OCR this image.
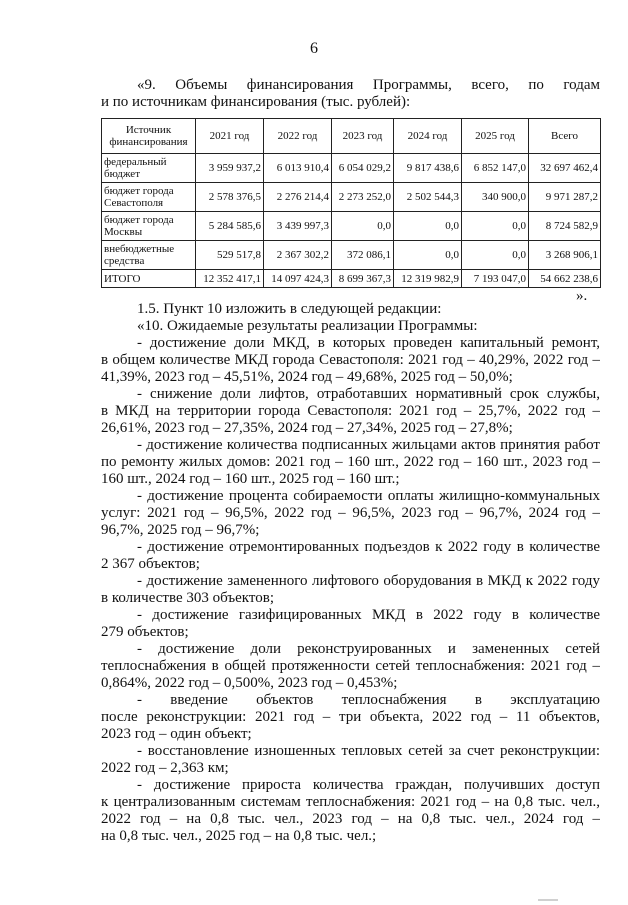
6
«9. Объемы финансирования Программы, всего, по годам
и по источникам финансирования (тыс. рублей):
Источник финансирования	2021 год	2022 год	2023 год	2024 год	2025 год	Всего
федеральный бюджет	3 959 937,2	6 013 910,4	6 054 029,2	9 817 438,6	6 852 147,0	32 697 462,4
бюджет города Севастополя	2 578 376,5	2 276 214,4	2 273 252,0	2 502 544,3	340 900,0	9 971 287,2
бюджет города Москвы	5 284 585,6	3 439 997,3	0,0	0,0	0,0	8 724 582,9
внебюджетные средства	529 517,8	2 367 302,2	372 086,1	0,0	0,0	3 268 906,1
ИТОГО	12 352 417,1	14 097 424,3	8 699 367,3	12 319 982,9	7 193 047,0	54 662 238,6
».
1.5. Пункт 10 изложить в следующей редакции:
«10. Ожидаемые результаты реализации Программы:
- достижение доли МКД, в которых проведен капитальный ремонт,
в общем количестве МКД города Севастополя: 2021 год – 40,29%, 2022 год –
41,39%, 2023 год – 45,51%, 2024 год – 49,68%, 2025 год – 50,0%;
- снижение доли лифтов, отработавших нормативный срок службы,
в МКД на территории города Севастополя: 2021 год – 25,7%, 2022 год –
26,61%, 2023 год – 27,35%, 2024 год – 27,34%, 2025 год – 27,8%;
- достижение количества подписанных жильцами актов принятия работ
по ремонту жилых домов: 2021 год – 160 шт., 2022 год – 160 шт., 2023 год –
160 шт., 2024 год – 160 шт., 2025 год – 160 шт.;
- достижение процента собираемости оплаты жилищно-коммунальных
услуг: 2021 год – 96,5%, 2022 год – 96,5%, 2023 год – 96,7%, 2024 год –
96,7%, 2025 год – 96,7%;
- достижение отремонтированных подъездов к 2022 году в количестве
2 367 объектов;
- достижение замененного лифтового оборудования в МКД к 2022 году
в количестве 303 объектов;
- достижение газифицированных МКД в 2022 году в количестве
279 объектов;
- достижение доли реконструированных и замененных сетей
теплоснабжения в общей протяженности сетей теплоснабжения: 2021 год –
0,864%, 2022 год – 0,500%, 2023 год – 0,453%;
- введение объектов теплоснабжения в эксплуатацию
после реконструкции: 2021 год – три объекта, 2022 год – 11 объектов,
2023 год – один объект;
- восстановление изношенных тепловых сетей за счет реконструкции:
2022 год – 2,363 км;
- достижение прироста количества граждан, получивших доступ
к централизованным системам теплоснабжения: 2021 год – на 0,8 тыс. чел.,
2022 год – на 0,8 тыс. чел., 2023 год – на 0,8 тыс. чел., 2024 год –
на 0,8 тыс. чел., 2025 год – на 0,8 тыс. чел.;
